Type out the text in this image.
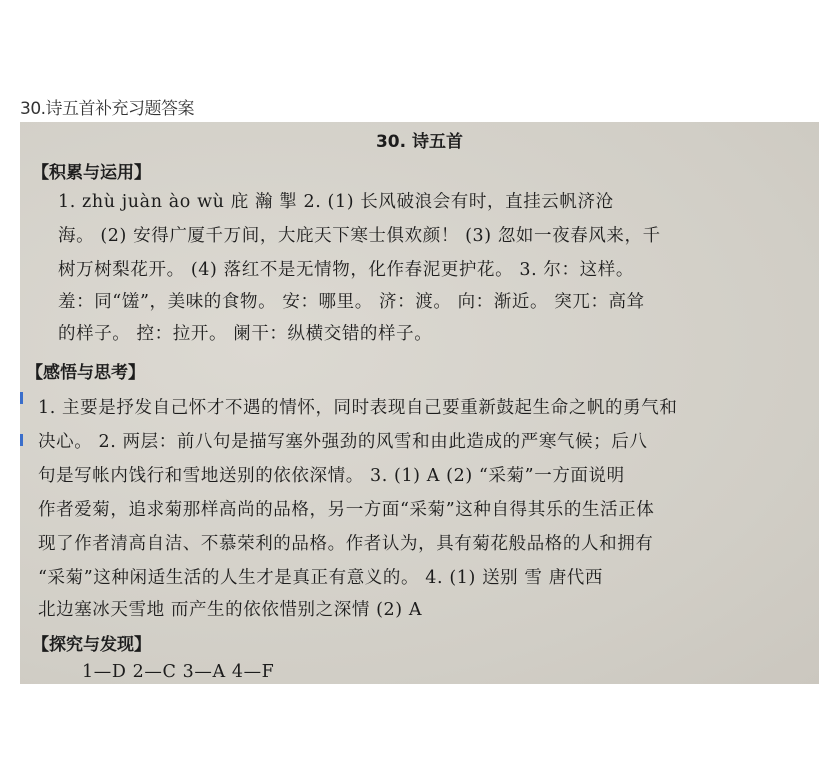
30.诗五首补充习题答案
30. 诗五首
【积累与运用】
1. zhù juàn ào wù 庇 瀚 掣 2. (1) 长风破浪会有时，直挂云帆济沧
海。 (2) 安得广厦千万间，大庇天下寒士俱欢颜！ (3) 忽如一夜春风来，千
树万树梨花开。 (4) 落红不是无情物，化作春泥更护花。 3. 尔：这样。
羞：同“馐”，美味的食物。 安：哪里。 济：渡。 向：渐近。 突兀：高耸
的样子。 控：拉开。 阑干：纵横交错的样子。
【感悟与思考】
1. 主要是抒发自己怀才不遇的情怀，同时表现自己要重新鼓起生命之帆的勇气和
决心。 2. 两层：前八句是描写塞外强劲的风雪和由此造成的严寒气候；后八
句是写帐内饯行和雪地送别的依依深情。 3. (1) A (2) “采菊”一方面说明
作者爱菊，追求菊那样高尚的品格，另一方面“采菊”这种自得其乐的生活正体
现了作者清高自洁、不慕荣利的品格。作者认为，具有菊花般品格的人和拥有
“采菊”这种闲适生活的人生才是真正有意义的。 4. (1) 送别 雪 唐代西
北边塞冰天雪地 而产生的依依惜别之深情 (2) A
【探究与发现】
1—D 2—C 3—A 4—F
